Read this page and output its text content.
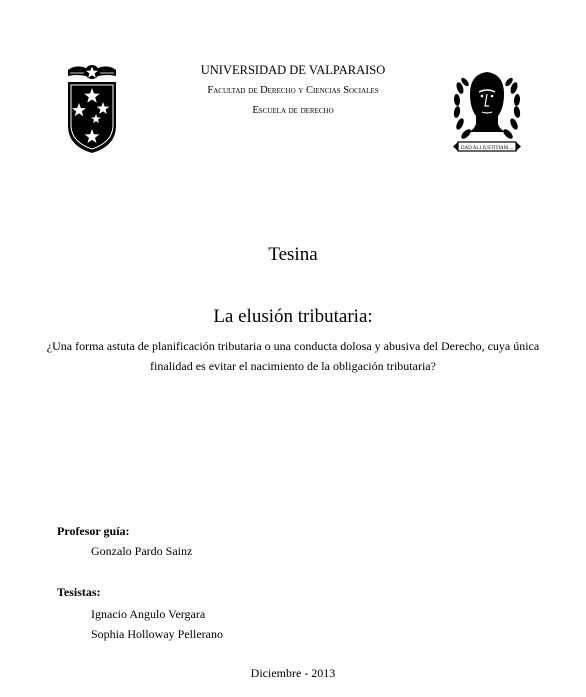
UNIVERSIDAD DE VALPARAISO
Facultad de Derecho y Ciencias Sociales
Escuela de derecho
DAD ALI JUSTITIAM ...
Tesina
La elusión tributaria:
¿Una forma astuta de planificación tributaria o una conducta dolosa y abusiva del Derecho, cuya única finalidad es evitar el nacimiento de la obligación tributaria?
Profesor guía:
Gonzalo Pardo Sainz
Tesistas:
Ignacio Angulo Vergara
Sophia Holloway Pellerano
Diciembre - 2013
